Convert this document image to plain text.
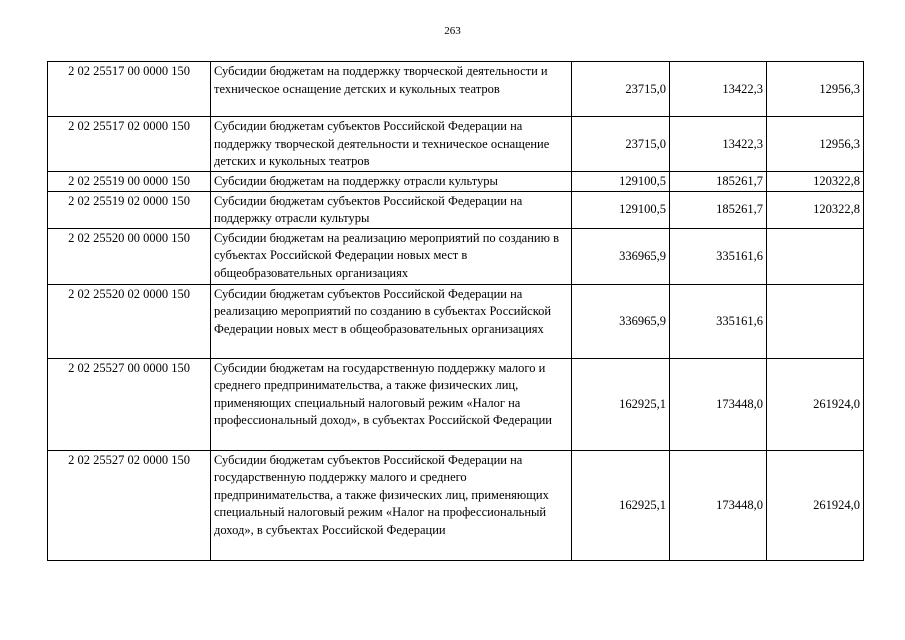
263
2 02 25517 00 0000 150	Субсидии бюджетам на поддержку творческой деятельности и техническое оснащение детских и кукольных театров	23715,0	13422,3	12956,3
2 02 25517 02 0000 150	Субсидии бюджетам субъектов Российской Федерации на поддержку творческой деятельности и техническое оснащение детских и кукольных театров	23715,0	13422,3	12956,3
2 02 25519 00 0000 150	Субсидии бюджетам на поддержку отрасли культуры	129100,5	185261,7	120322,8
2 02 25519 02 0000 150	Субсидии бюджетам субъектов Российской Федерации на поддержку отрасли культуры	129100,5	185261,7	120322,8
2 02 25520 00 0000 150	Субсидии бюджетам на реализацию мероприятий по созданию в субъектах Российской Федерации новых мест в общеобразовательных организациях	336965,9	335161,6	
2 02 25520 02 0000 150	Субсидии бюджетам субъектов Российской Федерации на реализацию мероприятий по созданию в субъектах Российской Федерации новых мест в общеобразовательных организациях	336965,9	335161,6	
2 02 25527 00 0000 150	Субсидии бюджетам на государственную поддержку малого и среднего предпринимательства, а также физических лиц, применяющих специальный налоговый режим «Налог на профессиональный доход», в субъектах Российской Федерации	162925,1	173448,0	261924,0
2 02 25527 02 0000 150	Субсидии бюджетам субъектов Российской Федерации на государственную поддержку малого и среднего предпринимательства, а также физических лиц, применяющих специальный налоговый режим «Налог на профессиональный доход», в субъектах Российской Федерации	162925,1	173448,0	261924,0
